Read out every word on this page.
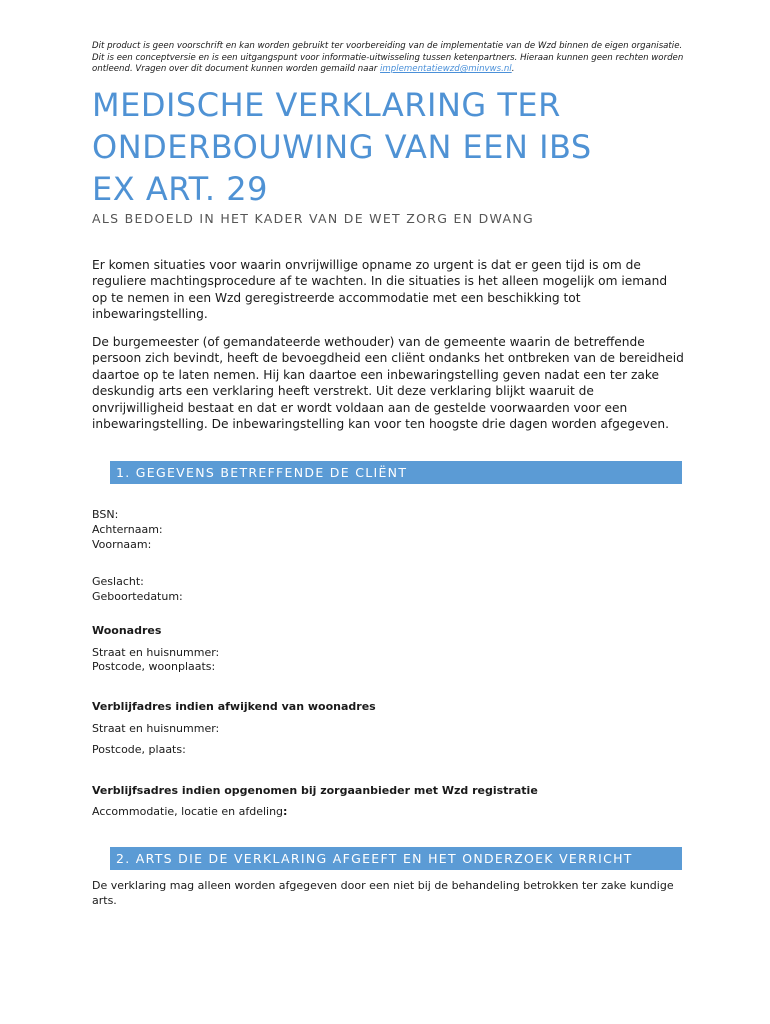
Dit product is geen voorschrift en kan worden gebruikt ter voorbereiding van de implementatie van de Wzd binnen de eigen organisatie. Dit is een conceptversie en is een uitgangspunt voor informatie-uitwisseling tussen ketenpartners. Hieraan kunnen geen rechten worden ontleend. Vragen over dit document kunnen worden gemaild naar implementatiewzd@minvws.nl.
MEDISCHE VERKLARING TER
ONDERBOUWING VAN EEN IBS
EX ART. 29
ALS BEDOELD IN HET KADER VAN DE WET ZORG EN DWANG
Er komen situaties voor waarin onvrijwillige opname zo urgent is dat er geen tijd is om de reguliere machtingsprocedure af te wachten. In die situaties is het alleen mogelijk om iemand op te nemen in een Wzd geregistreerde accommodatie met een beschikking tot inbewaringstelling.
De burgemeester (of gemandateerde wethouder) van de gemeente waarin de betreffende persoon zich bevindt, heeft de bevoegdheid een cliënt ondanks het ontbreken van de bereidheid daartoe op te laten nemen. Hij kan daartoe een inbewaringstelling geven nadat een ter zake deskundig arts een verklaring heeft verstrekt. Uit deze verklaring blijkt waaruit de onvrijwilligheid bestaat en dat er wordt voldaan aan de gestelde voorwaarden voor een inbewaringstelling. De inbewaringstelling kan voor ten hoogste drie dagen worden afgegeven.
1. GEGEVENS BETREFFENDE DE CLIËNT
BSN:
Achternaam:
Voornaam:
Geslacht:
Geboortedatum:
Woonadres
Straat en huisnummer:
Postcode, woonplaats:
Verblijfadres indien afwijkend van woonadres
Straat en huisnummer:
Postcode, plaats:
Verblijfsadres indien opgenomen bij zorgaanbieder met Wzd registratie
Accommodatie, locatie en afdeling:
2. ARTS DIE DE VERKLARING AFGEEFT EN HET ONDERZOEK VERRICHT
De verklaring mag alleen worden afgegeven door een niet bij de behandeling betrokken ter zake kundige arts.
